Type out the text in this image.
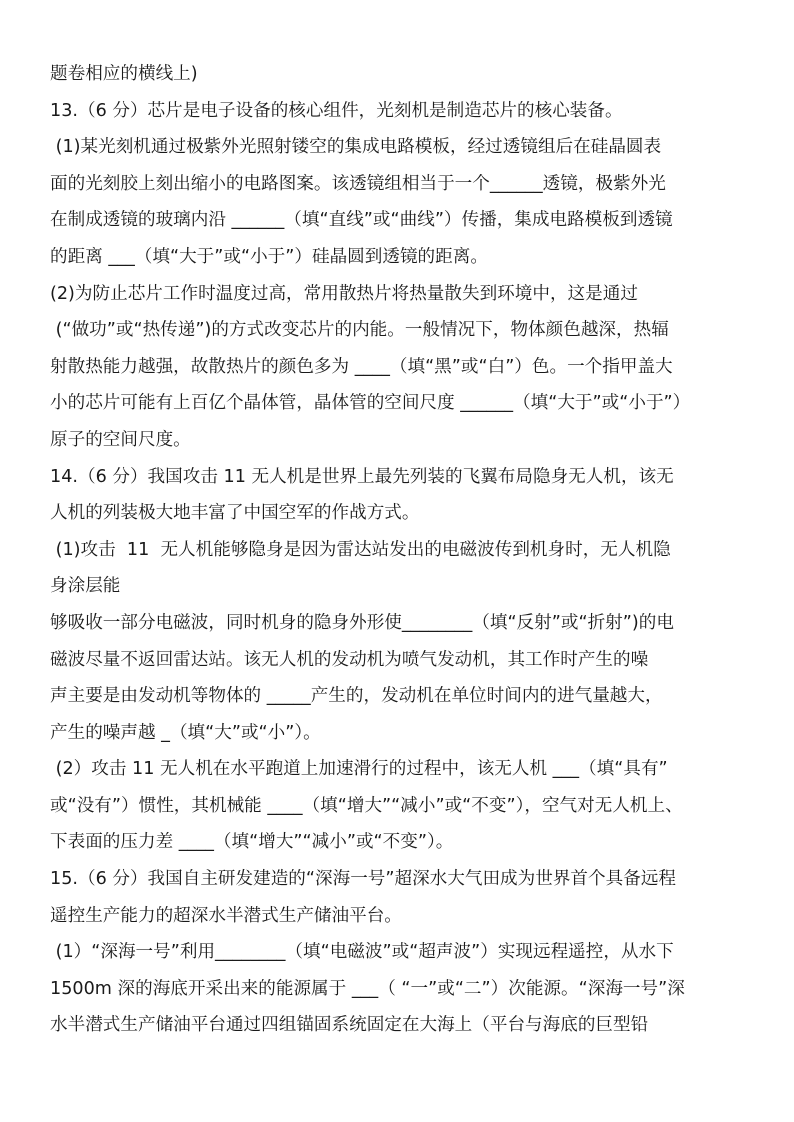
题卷相应的横线上)
13.（6 分）芯片是电子设备的核心组件，光刻机是制造芯片的核心装备。
(1)某光刻机通过极紫外光照射镂空的集成电路模板，经过透镜组后在硅晶圆表
面的光刻胶上刻出缩小的电路图案。该透镜组相当于一个______透镜，极紫外光
在制成透镜的玻璃内沿 ______（填“直线”或“曲线”）传播，集成电路模板到透镜
的距离 ___（填“大于”或“小于”）硅晶圆到透镜的距离。
(2)为防止芯片工作时温度过高，常用散热片将热量散失到环境中，这是通过
(“做功”或“热传递”)的方式改变芯片的内能。一般情况下，物体颜色越深，热辐
射散热能力越强，故散热片的颜色多为 ____（填“黑”或“白”）色。一个指甲盖大
小的芯片可能有上百亿个晶体管，晶体管的空间尺度 ______（填“大于”或“小于”）
原子的空间尺度。
14.（6 分）我国攻击 11 无人机是世界上最先列装的飞翼布局隐身无人机，该无
人机的列装极大地丰富了中国空军的作战方式。
(1)攻击  11  无人机能够隐身是因为雷达站发出的电磁波传到机身时，无人机隐
身涂层能
够吸收一部分电磁波，同时机身的隐身外形使________（填“反射”或“折射”)的电
磁波尽量不返回雷达站。该无人机的发动机为喷气发动机，其工作时产生的噪
声主要是由发动机等物体的 _____产生的，发动机在单位时间内的进气量越大，
产生的噪声越 _（填“大”或“小”）。
(2）攻击 11 无人机在水平跑道上加速滑行的过程中，该无人机 ___（填“具有”
或“没有”）惯性，其机械能 ____（填“增大”“减小”或“不变”），空气对无人机上、
下表面的压力差 ____（填“增大”“减小”或“不变”）。
15.（6 分）我国自主研发建造的“深海一号”超深水大气田成为世界首个具备远程
遥控生产能力的超深水半潜式生产储油平台。
(1）“深海一号”利用________（填“电磁波”或“超声波”）实现远程遥控，从水下
1500m 深的海底开采出来的能源属于 ___（ “一”或“二”）次能源。“深海一号”深
水半潜式生产储油平台通过四组锚固系统固定在大海上（平台与海底的巨型铅
